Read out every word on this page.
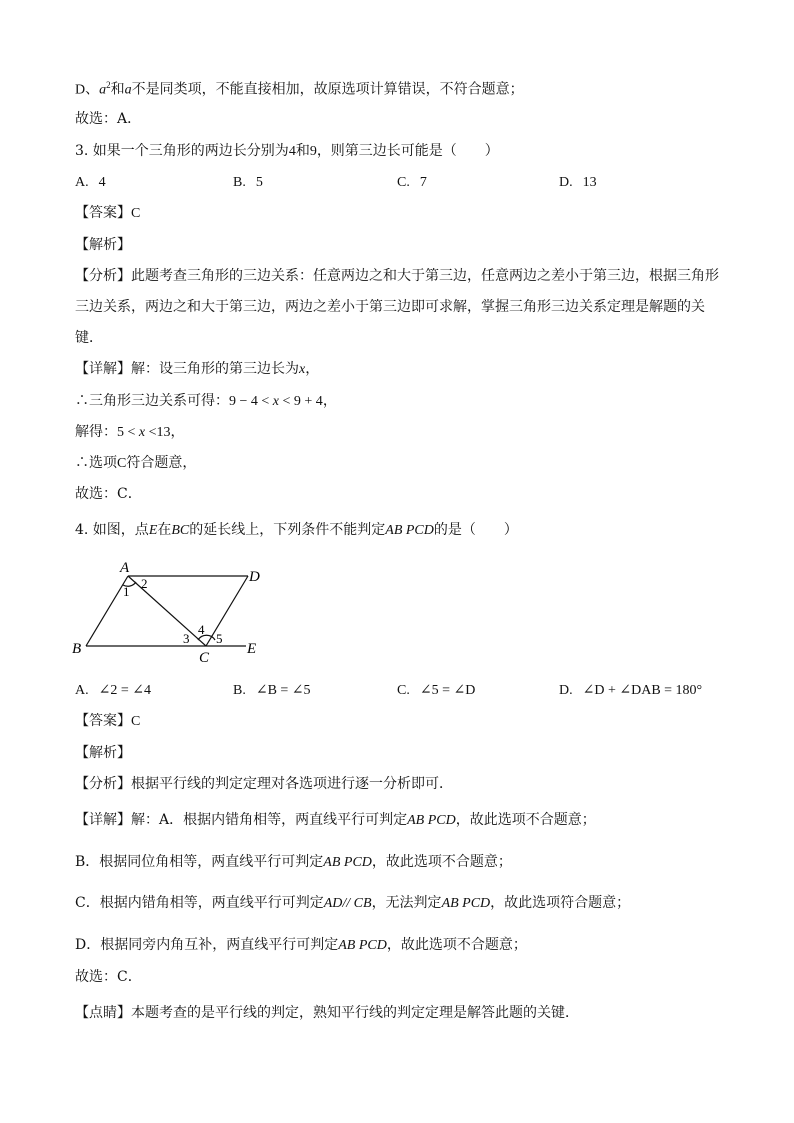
D、$a^2$和a不是同类项，不能直接相加，故原选项计算错误，不符合题意；
故选：A．
3. 如果一个三角形的两边长分别为4和9，则第三边长可能是（　　）
【答案】C
【解析】
【分析】此题考查三角形的三边关系：任意两边之和大于第三边，任意两边之差小于第三边，根据三角形
三边关系，两边之和大于第三边，两边之差小于第三边即可求解，掌握三角形三边关系定理是解题的关
键．
【详解】解：设三角形的第三边长为x，
∴三角形三边关系可得：9 − 4 < x < 9 + 4，
解得：5 < x <13，
∴选项C符合题意，
故选：C．
4. 如图，点E在BC的延长线上，下列条件不能判定AB PCD的是（　　）
【答案】C
【解析】
【分析】根据平行线的判定定理对各选项进行逐一分析即可．
【详解】解：A．根据内错角相等，两直线平行可判定AB PCD，故此选项不合题意；
B．根据同位角相等，两直线平行可判定AB PCD，故此选项不合题意；
C．根据内错角相等，两直线平行可判定AD// CB，无法判定AB PCD，故此选项符合题意；
D．根据同旁内角互补，两直线平行可判定AB PCD，故此选项不合题意；
故选：C．
【点睛】本题考查的是平行线的判定，熟知平行线的判定定理是解答此题的关键．
A. 4	B. 5	C. 7	D. 13
A. ∠2 = ∠4	B. ∠B = ∠5	C. ∠5 = ∠D	D. ∠D + ∠DAB = 180°
A
D
B
C
E
1
2
3
4
5
